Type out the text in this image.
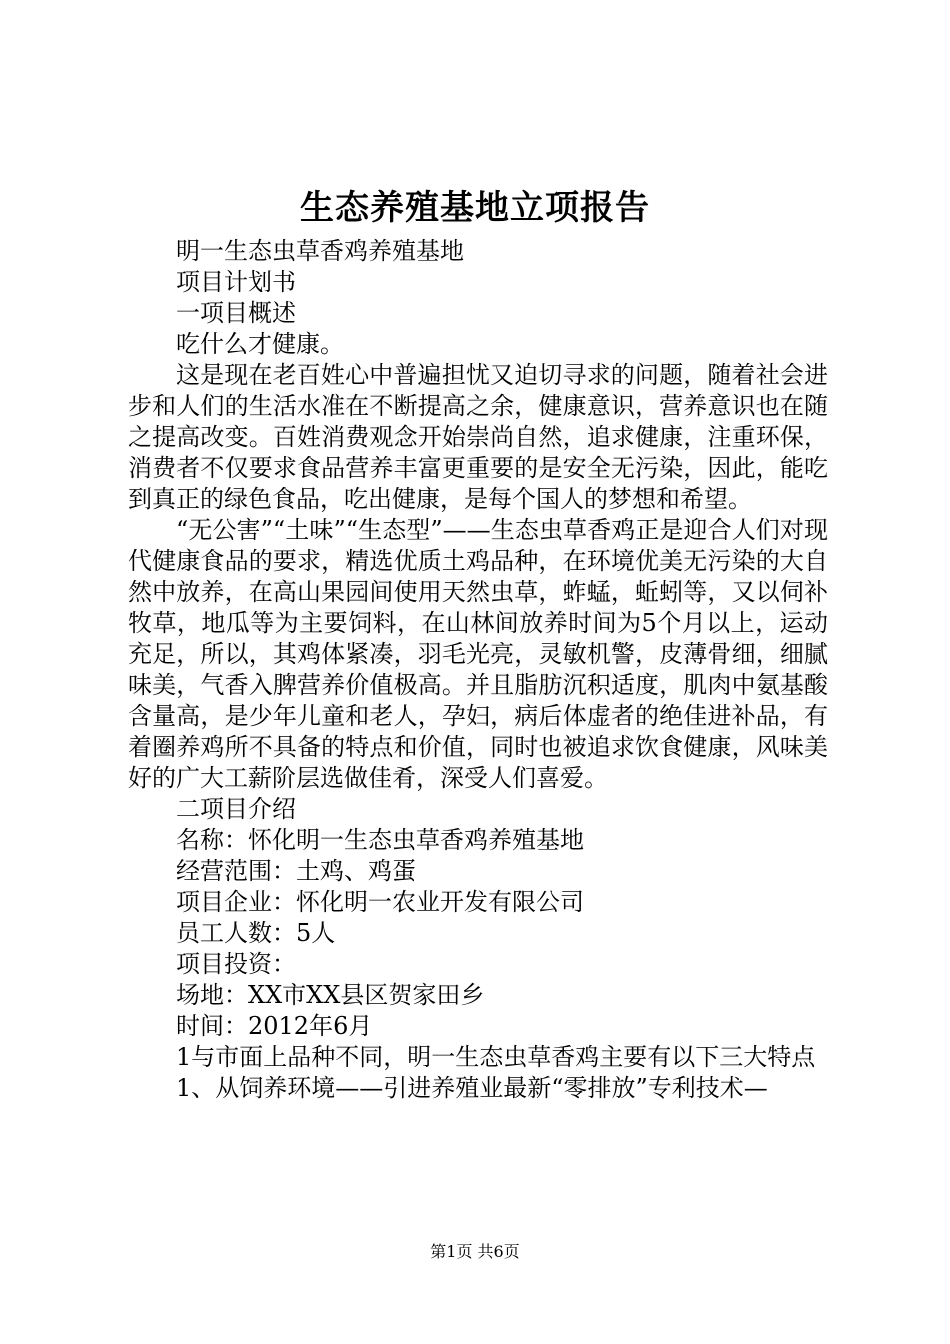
生态养殖基地立项报告

明一生态虫草香鸡养殖基地

项目计划书

一项目概述

吃什么才健康。

这是现在老百姓心中普遍担忧又迫切寻求的问题，随着社会进步和人们的生活水准在不断提高之余，健康意识，营养意识也在随之提高改变。百姓消费观念开始崇尚自然，追求健康，注重环保，消费者不仅要求食品营养丰富更重要的是安全无污染，因此，能吃到真正的绿色食品，吃出健康，是每个国人的梦想和希望。

“无公害”“土味”“生态型”——生态虫草香鸡正是迎合人们对现代健康食品的要求，精选优质土鸡品种，在环境优美无污染的大自然中放养，在高山果园间使用天然虫草，蚱蜢，蚯蚓等，又以伺补牧草，地瓜等为主要饲料，在山林间放养时间为5个月以上，运动充足，所以，其鸡体紧凑，羽毛光亮，灵敏机警，皮薄骨细，细腻味美，气香入脾营养价值极高。并且脂肪沉积适度，肌肉中氨基酸含量高，是少年儿童和老人，孕妇，病后体虚者的绝佳进补品，有着圈养鸡所不具备的特点和价值，同时也被追求饮食健康，风味美好的广大工薪阶层选做佳肴，深受人们喜爱。

二项目介绍

名称：怀化明一生态虫草香鸡养殖基地

经营范围：土鸡、鸡蛋

项目企业：怀化明一农业开发有限公司

员工人数：5人

项目投资：

场地：XX市XX县区贺家田乡

时间：2012年6月

1与市面上品种不同，明一生态虫草香鸡主要有以下三大特点

1、从饲养环境——引进养殖业最新“零排放”专利技术—

第1页 共6页
